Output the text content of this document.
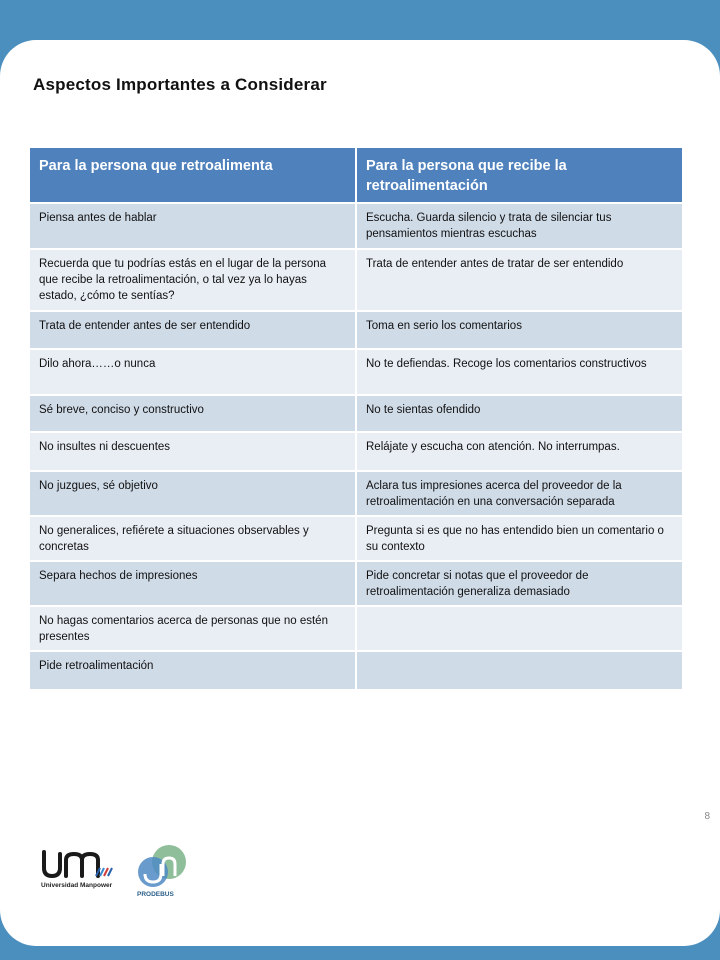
Aspectos Importantes a Considerar
Para la persona que retroalimenta	Para la persona que recibe la retroalimentación
Piensa antes de hablar	Escucha. Guarda silencio y trata de silenciar tus pensamientos mientras escuchas
Recuerda que tu podrías estás en el lugar de la persona que recibe la retroalimentación, o tal vez ya lo hayas estado, ¿cómo te sentías?	Trata de entender antes de tratar de ser entendido
Trata de entender antes de ser entendido	Toma en serio los comentarios
Dilo ahora……o nunca	No te defiendas. Recoge los comentarios constructivos
Sé breve, conciso y constructivo	No te sientas ofendido
No insultes ni descuentes	Relájate y escucha con atención. No interrumpas.
No juzgues, sé objetivo	Aclara tus impresiones acerca del proveedor de la retroalimentación en una conversación separada
No generalices, refiérete a situaciones observables y concretas	Pregunta si es que no has entendido bien un comentario o su contexto
Separa hechos de impresiones	Pide concretar si notas que el proveedor de retroalimentación generaliza demasiado
No hagas comentarios acerca de personas que no estén presentes	
Pide retroalimentación	
8
Universidad Manpower
PRODEBUS
